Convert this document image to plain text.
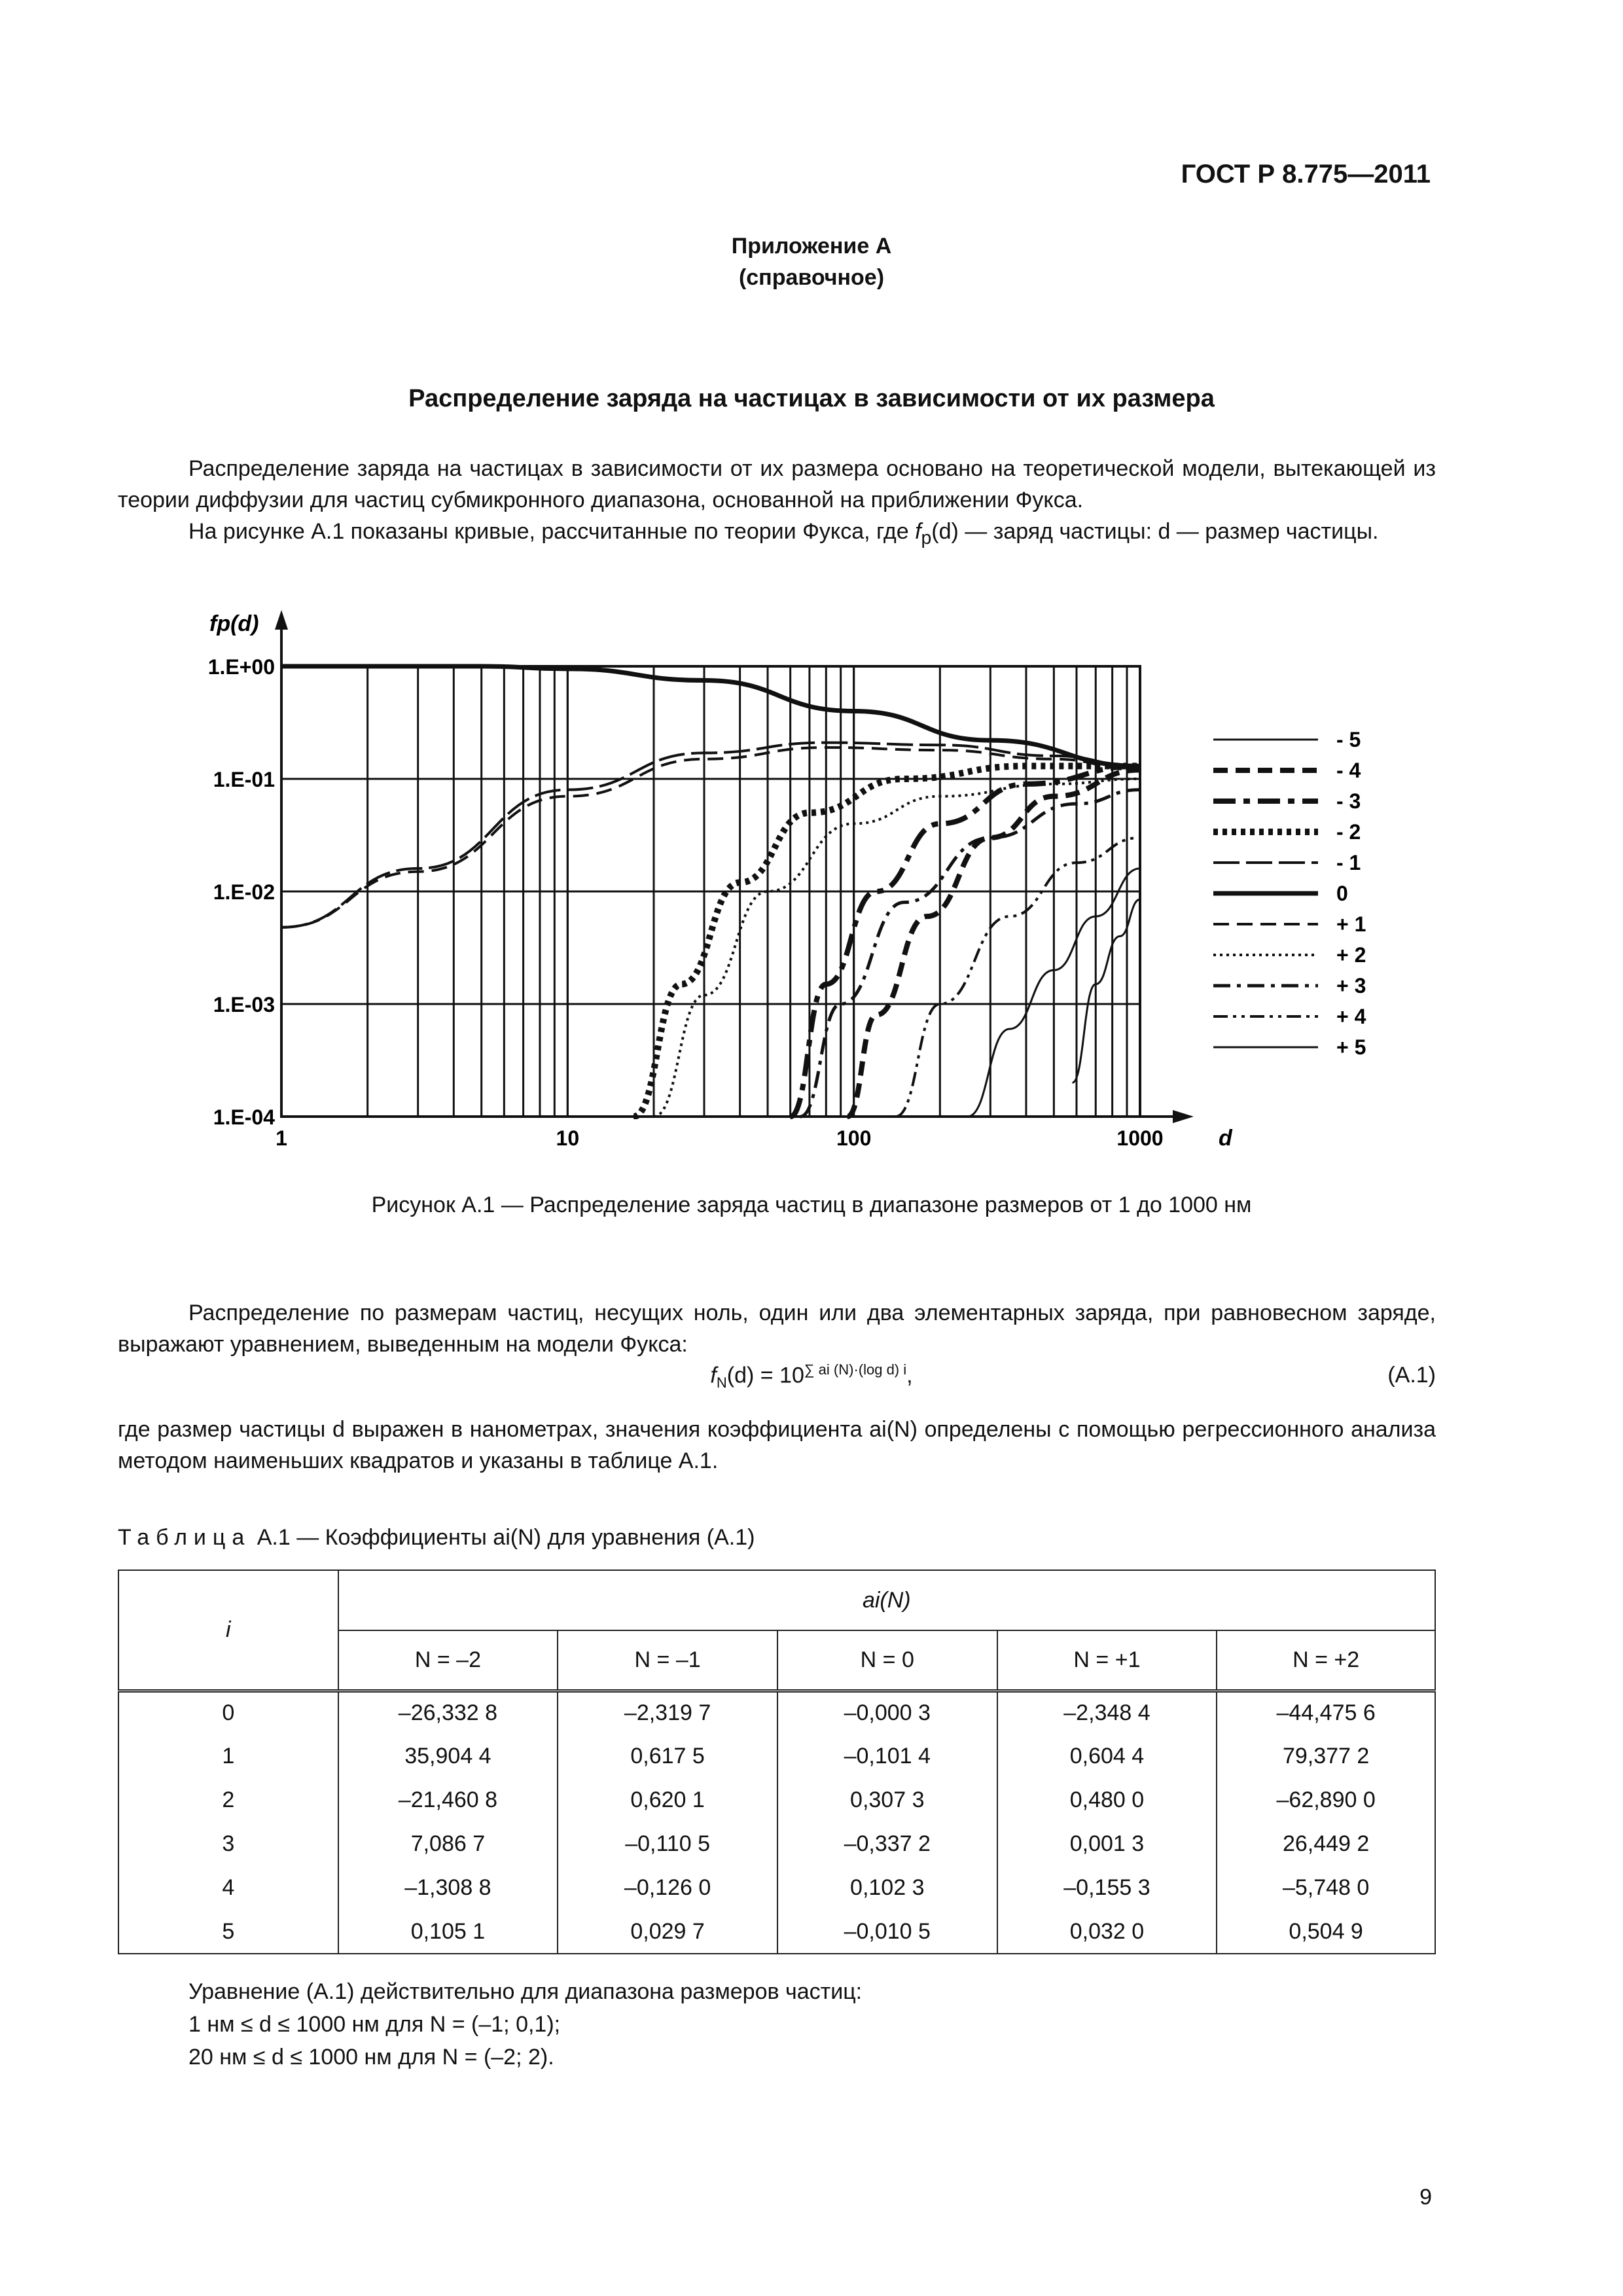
ГОСТ Р 8.775—2011
Приложение А
(справочное)
Распределение заряда на частицах в зависимости от их размера
Распределение заряда на частицах в зависимости от их размера основано на теоретической модели, вытекающей из теории диффузии для частиц субмикронного диапазона, основанной на приближении Фукса.
На рисунке А.1 показаны кривые, рассчитанные по теории Фукса, где $f_p(d)$ — заряд частицы: d — размер частицы.
1	10	100	1000
1.E+00
1.E-01
1.E-02
1.E-03
1.E-04
d
fp(d)
- 5
- 4
- 3
- 2
- 1
0
+ 1
+ 2
+ 3
+ 4
+ 5
Рисунок А.1 — Распределение заряда частиц в диапазоне размеров от 1 до 1000 нм
Распределение по размерам частиц, несущих ноль, один или два элементарных заряда, при равновесном заряде, выражают уравнением, выведенным на модели Фукса:
$f_N(d) = 10^{\sum ai (N)\cdot(log d) i}$,	(А.1)
где размер частицы d выражен в нанометрах, значения коэффициента ai(N) определены с помощью регрессионного анализа методом наименьших квадратов и указаны в таблице А.1.
Таблица А.1 — Коэффициенты ai(N) для уравнения (А.1)
i	ai(N)				
	N = –2	N = –1	N = 0	N = +1	N = +2
0	–26,332 8	–2,319 7	–0,000 3	–2,348 4	–44,475 6
1	35,904 4	0,617 5	–0,101 4	0,604 4	79,377 2
2	–21,460 8	0,620 1	0,307 3	0,480 0	–62,890 0
3	7,086 7	–0,110 5	–0,337 2	0,001 3	26,449 2
4	–1,308 8	–0,126 0	0,102 3	–0,155 3	–5,748 0
5	0,105 1	0,029 7	–0,010 5	0,032 0	0,504 9
Уравнение (А.1) действительно для диапазона размеров частиц:
1 нм ≤ d ≤ 1000 нм для N = (–1; 0,1);
20 нм ≤ d ≤ 1000 нм для N = (–2; 2).
9
